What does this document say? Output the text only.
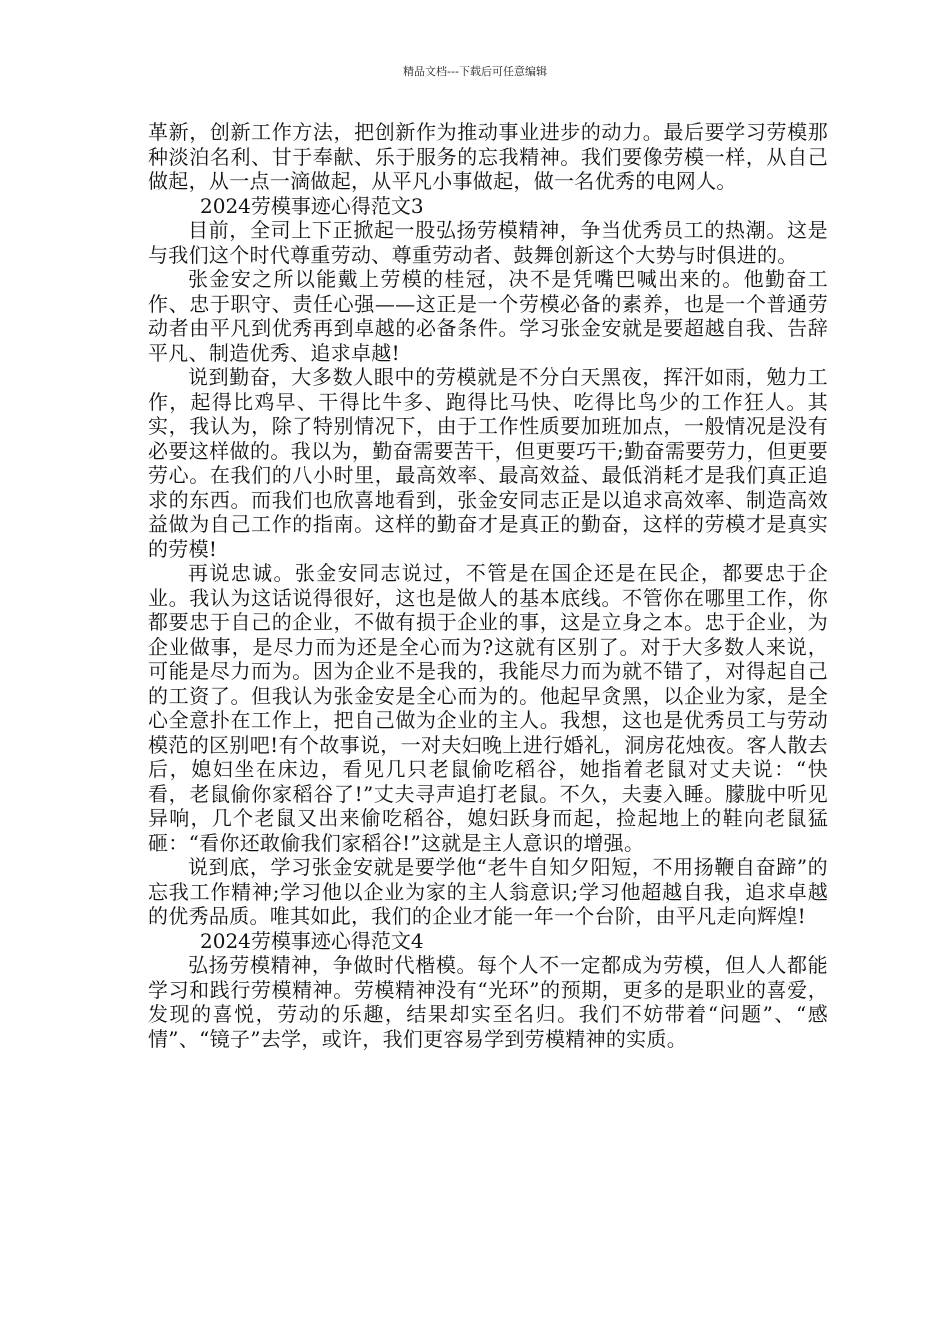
精品文档---下载后可任意编辑

革新，创新工作方法，把创新作为推动事业进步的动力。最后要学习劳模那种淡泊名利、甘于奉献、乐于服务的忘我精神。我们要像劳模一样，从自己做起，从一点一滴做起，从平凡小事做起，做一名优秀的电网人。

2024劳模事迹心得范文3

目前，全司上下正掀起一股弘扬劳模精神，争当优秀员工的热潮。这是与我们这个时代尊重劳动、尊重劳动者、鼓舞创新这个大势与时俱进的。

张金安之所以能戴上劳模的桂冠，决不是凭嘴巴喊出来的。他勤奋工作、忠于职守、责任心强——这正是一个劳模必备的素养，也是一个普通劳动者由平凡到优秀再到卓越的必备条件。学习张金安就是要超越自我、告辞平凡、制造优秀、追求卓越!

说到勤奋，大多数人眼中的劳模就是不分白天黑夜，挥汗如雨，勉力工作，起得比鸡早、干得比牛多、跑得比马快、吃得比鸟少的工作狂人。其实，我认为，除了特别情况下，由于工作性质要加班加点，一般情况是没有必要这样做的。我以为，勤奋需要苦干，但更要巧干;勤奋需要劳力，但更要劳心。在我们的八小时里，最高效率、最高效益、最低消耗才是我们真正追求的东西。而我们也欣喜地看到，张金安同志正是以追求高效率、制造高效益做为自己工作的指南。这样的勤奋才是真正的勤奋，这样的劳模才是真实的劳模!

再说忠诚。张金安同志说过，不管是在国企还是在民企，都要忠于企业。我认为这话说得很好，这也是做人的基本底线。不管你在哪里工作，你都要忠于自己的企业，不做有损于企业的事，这是立身之本。忠于企业，为企业做事，是尽力而为还是全心而为?这就有区别了。对于大多数人来说，可能是尽力而为。因为企业不是我的，我能尽力而为就不错了，对得起自己的工资了。但我认为张金安是全心而为的。他起早贪黑，以企业为家，是全心全意扑在工作上，把自己做为企业的主人。我想，这也是优秀员工与劳动模范的区别吧!有个故事说，一对夫妇晚上进行婚礼，洞房花烛夜。客人散去后，媳妇坐在床边，看见几只老鼠偷吃稻谷，她指着老鼠对丈夫说：“快看，老鼠偷你家稻谷了!”丈夫寻声追打老鼠。不久，夫妻入睡。朦胧中听见异响，几个老鼠又出来偷吃稻谷，媳妇跃身而起，捡起地上的鞋向老鼠猛砸：“看你还敢偷我们家稻谷!”这就是主人意识的增强。

说到底，学习张金安就是要学他“老牛自知夕阳短，不用扬鞭自奋蹄”的忘我工作精神;学习他以企业为家的主人翁意识;学习他超越自我，追求卓越的优秀品质。唯其如此，我们的企业才能一年一个台阶，由平凡走向辉煌!

2024劳模事迹心得范文4

弘扬劳模精神，争做时代楷模。每个人不一定都成为劳模，但人人都能学习和践行劳模精神。劳模精神没有“光环”的预期，更多的是职业的喜爱，发现的喜悦，劳动的乐趣，结果却实至名归。我们不妨带着“问题”、“感情”、“镜子”去学，或许，我们更容易学到劳模精神的实质。
